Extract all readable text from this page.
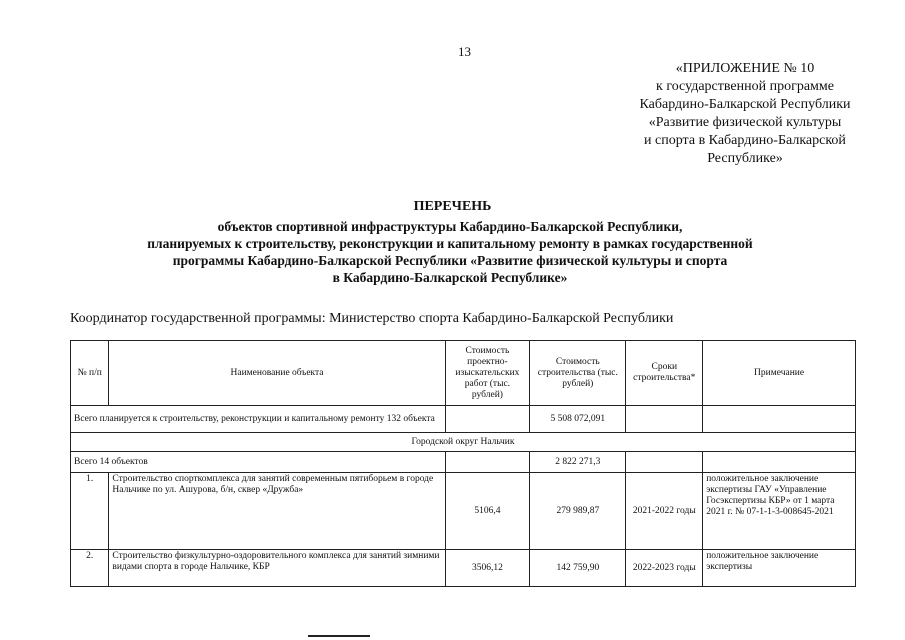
13
«ПРИЛОЖЕНИЕ № 10
к государственной программе
Кабардино-Балкарской Республики
«Развитие физической культуры
и спорта в Кабардино-Балкарской
Республике»
ПЕРЕЧЕНЬ
объектов спортивной инфраструктуры Кабардино-Балкарской Республики,
планируемых к строительству, реконструкции и капитальному ремонту в рамках государственной
программы Кабардино-Балкарской Республики «Развитие физической культуры и спорта
в Кабардино-Балкарской Республике»
Координатор государственной программы: Министерство спорта Кабардино-Балкарской Республики
№ п/п	Наименование объекта	Стоимость проектно-изыскательских работ (тыс. рублей)	Стоимость строительства (тыс. рублей)	Сроки строительства*	Примечание
Всего планируется к строительству, реконструкции и капитальному ремонту 132 объекта			5 508 072,091		
Городской округ Нальчик					
Всего 14 объектов			2 822 271,3		
1.	Строительство спорткомплекса для занятий современным пятиборьем в городе Нальчике по ул. Ашурова, б/н, сквер «Дружба»	5106,4	279 989,87	2021-2022 годы	положительное заключение экспертизы ГАУ «Управление Госэкспертизы КБР» от 1 марта 2021 г. № 07-1-1-3-008645-2021
2.	Строительство физкультурно-оздоровительного комплекса для занятий зимними видами спорта в городе Нальчике, КБР	3506,12	142 759,90	2022-2023 годы	положительное заключение экспертизы
